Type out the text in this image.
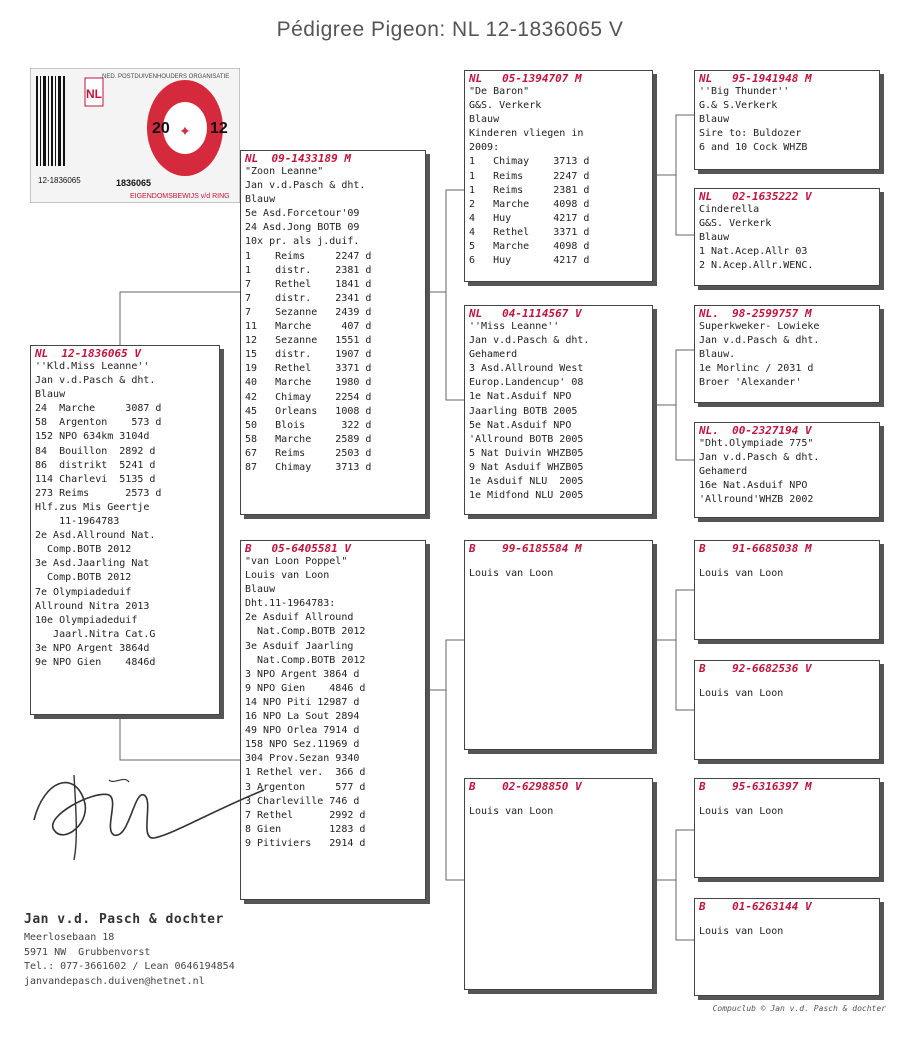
Pédigree Pigeon: NL 12-1836065 V
NL
✦
20	12
1836065
EIGENDOMSBEWIJS v/d RING
12-1836065
NED. POSTDUIVENHOUDERS ORGANISATIE
NL  12-1836065 V
''Kld.Miss Leanne''
Jan v.d.Pasch & dht.
Blauw
24  Marche     3087 d
58  Argenton    573 d
152 NPO 634km 3104d
84  Bouillon  2892 d
86  distrikt  5241 d
114 Charlevi  5135 d
273 Reims      2573 d
Hlf.zus Mis Geertje
11-1964783
2e Asd.Allround Nat.
Comp.BOTB 2012
3e Asd.Jaarling Nat
Comp.BOTB 2012
7e Olympiadeduif
Allround Nitra 2013
10e Olympiadeduif
Jaarl.Nitra Cat.G
3e NPO Argent 3864d
9e NPO Gien    4846d
NL  09-1433189 M
"Zoon Leanne"
Jan v.d.Pasch & dht.
Blauw
5e Asd.Forcetour'09
24 Asd.Jong BOTB 09
10x pr. als j.duif.
1    Reims     2247 d
1    distr.    2381 d
7    Rethel    1841 d
7    distr.    2341 d
7    Sezanne   2439 d
11   Marche     407 d
12   Sezanne   1551 d
15   distr.    1907 d
19   Rethel    3371 d
40   Marche    1980 d
42   Chimay    2254 d
45   Orleans   1008 d
50   Blois      322 d
58   Marche    2589 d
67   Reims     2503 d
87   Chimay    3713 d
B   05-6405581 V
"van Loon Poppel"
Louis van Loon
Blauw
Dht.11-1964783:
2e Asduif Allround
Nat.Comp.BOTB 2012
3e Asduif Jaarling
Nat.Comp.BOTB 2012
3 NPO Argent 3864 d
9 NPO Gien    4846 d
14 NPO Piti 12987 d
16 NPO La Sout 2894
49 NPO Orlea 7914 d
158 NPO Sez.11969 d
304 Prov.Sezan 9340
1 Rethel ver.  366 d
3 Argenton     577 d
3 Charleville 746 d
7 Rethel      2992 d
8 Gien        1283 d
9 Pitiviers   2914 d
NL   05-1394707 M
"De Baron"
G&S. Verkerk
Blauw
Kinderen vliegen in
2009:
1   Chimay    3713 d
1   Reims     2247 d
1   Reims     2381 d
2   Marche    4098 d
4   Huy       4217 d
4   Rethel    3371 d
5   Marche    4098 d
6   Huy       4217 d
NL   04-1114567 V
''Miss Leanne''
Jan v.d.Pasch & dht.
Gehamerd
3 Asd.Allround West
Europ.Landencup' 08
1e Nat.Asduif NPO
Jaarling BOTB 2005
5e Nat.Asduif NPO
'Allround BOTB 2005
5 Nat Duivin WHZB05
9 Nat Asduif WHZB05
1e Asduif NLU  2005
1e Midfond NLU 2005
B    99-6185584 M
Louis van Loon
B    02-6298850 V
Louis van Loon
NL   95-1941948 M
''Big Thunder''
G.& S.Verkerk
Blauw
Sire to: Buldozer
6 and 10 Cock WHZB
NL   02-1635222 V
Cinderella
G&S. Verkerk
Blauw
1 Nat.Acep.Allr 03
2 N.Acep.Allr.WENC.
NL.  98-2599757 M
Superkweker- Lowieke
Jan v.d.Pasch & dht.
Blauw.
1e Morlinc / 2031 d
Broer 'Alexander'
NL.  00-2327194 V
"Dht.Olympiade 775"
Jan v.d.Pasch & dht.
Gehamerd
16e Nat.Asduif NPO
'Allround'WHZB 2002
B    91-6685038 M
Louis van Loon
B    92-6682536 V
Louis van Loon
B    95-6316397 M
Louis van Loon
B    01-6263144 V
Louis van Loon
Jan v.d. Pasch & dochter
Meerlosebaan 18
5971 NW  Grubbenvorst
Tel.: 077-3661602 / Lean 0646194854
janvandepasch.duiven@hetnet.nl
Compuclub © Jan v.d. Pasch & dochter
